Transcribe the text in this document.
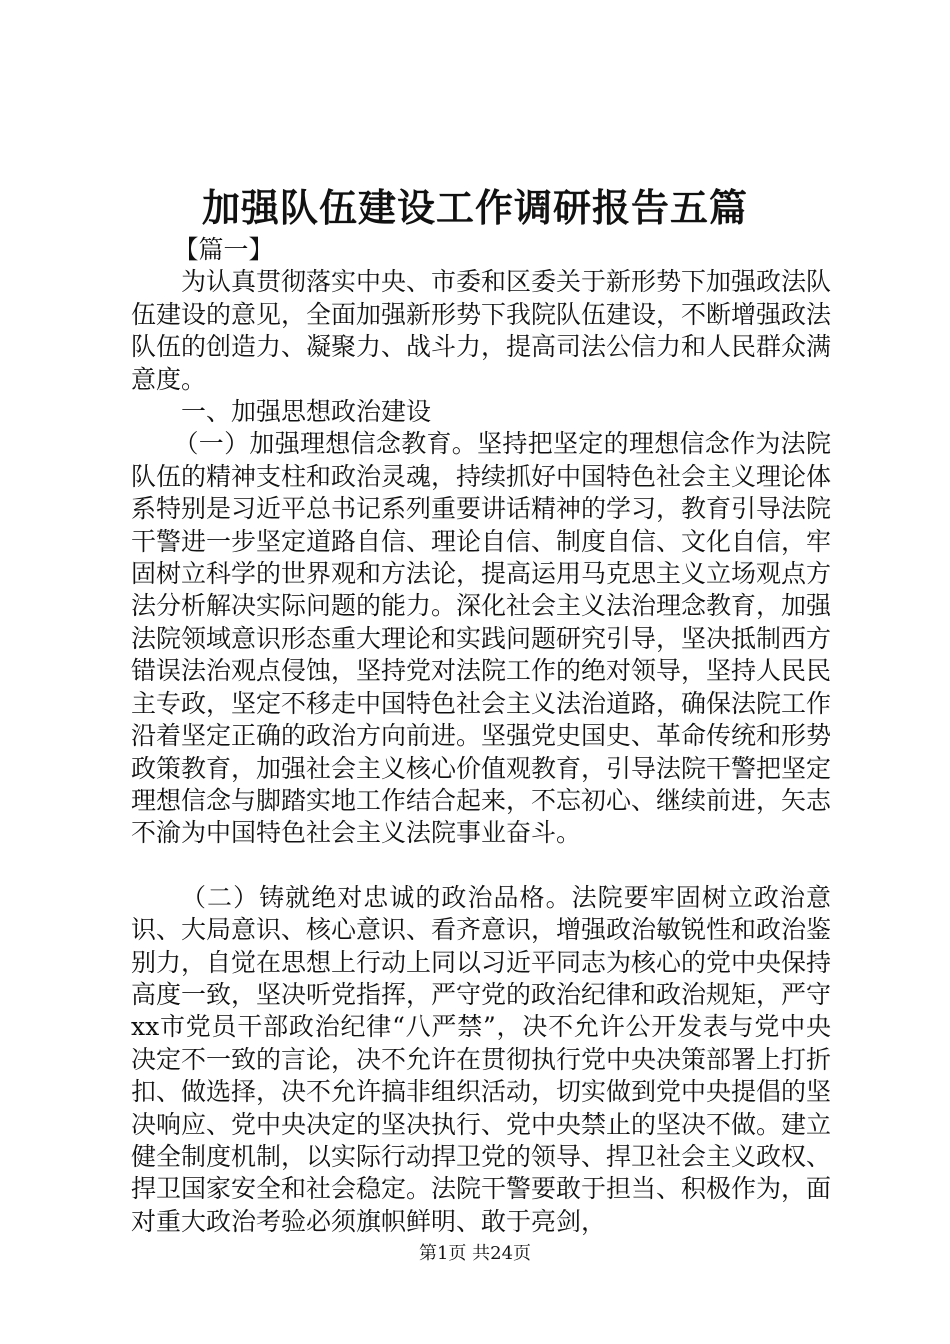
加强队伍建设工作调研报告五篇

【篇一】

为认真贯彻落实中央、市委和区委关于新形势下加强政法队伍建设的意见，全面加强新形势下我院队伍建设，不断增强政法队伍的创造力、凝聚力、战斗力，提高司法公信力和人民群众满意度。

一、加强思想政治建设

（一）加强理想信念教育。坚持把坚定的理想信念作为法院队伍的精神支柱和政治灵魂，持续抓好中国特色社会主义理论体系特别是习近平总书记系列重要讲话精神的学习，教育引导法院干警进一步坚定道路自信、理论自信、制度自信、文化自信，牢固树立科学的世界观和方法论，提高运用马克思主义立场观点方法分析解决实际问题的能力。深化社会主义法治理念教育，加强法院领域意识形态重大理论和实践问题研究引导，坚决抵制西方错误法治观点侵蚀，坚持党对法院工作的绝对领导，坚持人民民主专政，坚定不移走中国特色社会主义法治道路，确保法院工作沿着坚定正确的政治方向前进。坚强党史国史、革命传统和形势政策教育，加强社会主义核心价值观教育，引导法院干警把坚定理想信念与脚踏实地工作结合起来，不忘初心、继续前进，矢志不渝为中国特色社会主义法院事业奋斗。

（二）铸就绝对忠诚的政治品格。法院要牢固树立政治意识、大局意识、核心意识、看齐意识，增强政治敏锐性和政治鉴别力，自觉在思想上行动上同以习近平同志为核心的党中央保持高度一致，坚决听党指挥，严守党的政治纪律和政治规矩，严守xx市党员干部政治纪律“八严禁”，决不允许公开发表与党中央决定不一致的言论，决不允许在贯彻执行党中央决策部署上打折扣、做选择，决不允许搞非组织活动，切实做到党中央提倡的坚决响应、党中央决定的坚决执行、党中央禁止的坚决不做。建立健全制度机制，以实际行动捍卫党的领导、捍卫社会主义政权、捍卫国家安全和社会稳定。法院干警要敢于担当、积极作为，面对重大政治考验必须旗帜鲜明、敢于亮剑，

第1页 共24页
